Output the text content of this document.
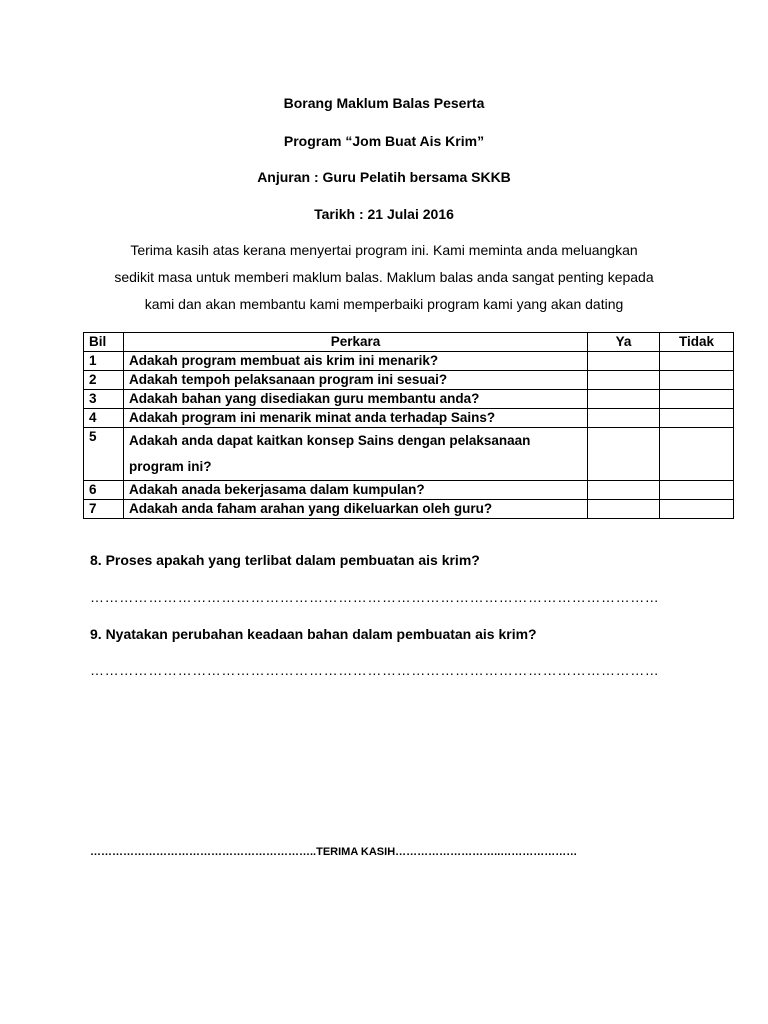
Borang Maklum Balas Peserta
Program “Jom Buat Ais Krim”
Anjuran : Guru Pelatih bersama SKKB
Tarikh : 21 Julai 2016
Terima kasih atas kerana menyertai program ini. Kami meminta anda meluangkan
sedikit masa untuk memberi maklum balas. Maklum balas anda sangat penting kepada
kami dan akan membantu kami memperbaiki program kami yang akan dating
Bil	Perkara	Ya	Tidak
1	Adakah program membuat ais krim ini menarik?		
2	Adakah tempoh pelaksanaan program ini sesuai?		
3	Adakah bahan yang disediakan guru membantu anda?		
4	Adakah program ini menarik minat anda terhadap Sains?		
5	Adakah anda dapat kaitkan konsep Sains dengan pelaksanaan
program ini?		

6	Adakah anada bekerjasama dalam kumpulan?		
7	Adakah anda faham arahan yang dikeluarkan oleh guru?		
8. Proses apakah yang terlibat dalam pembuatan ais krim?
………………………………………………………………………………………………………
9. Nyatakan perubahan keadaan bahan dalam pembuatan ais krim?
………………………………………………………………………………………………………
……………………………………………………..TERIMA KASIH………………………..…………………
